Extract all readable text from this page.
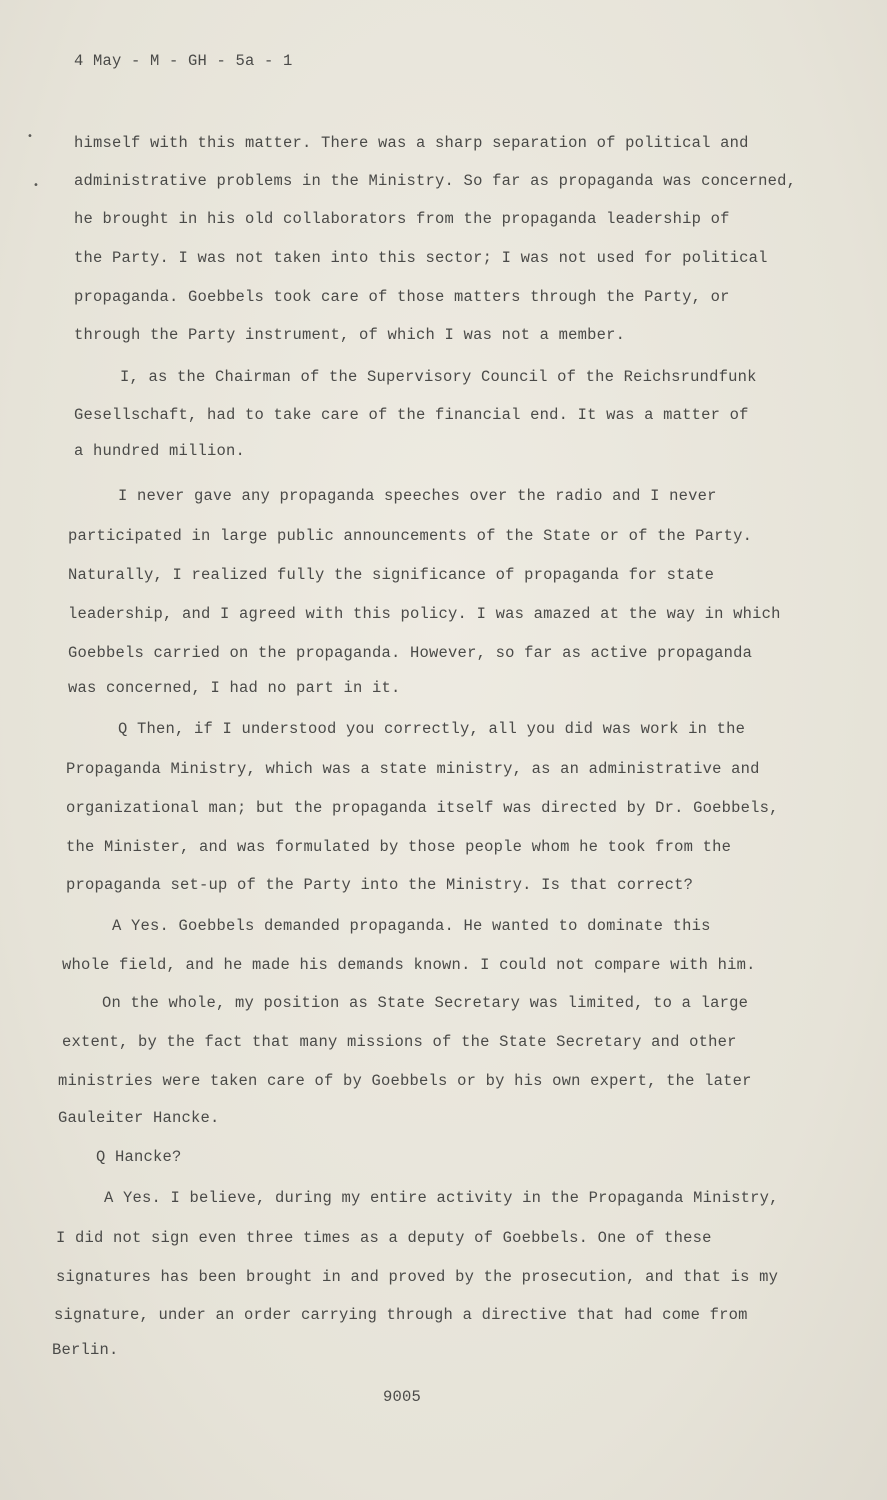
4 May - M - GH - 5a - 1
•
•
himself with this matter. There was a sharp separation of political and
administrative problems in the Ministry. So far as propaganda was concerned,
he brought in his old collaborators from the propaganda leadership of
the Party. I was not taken into this sector; I was not used for political
propaganda. Goebbels took care of those matters through the Party, or
through the Party instrument, of which I was not a member.
I, as the Chairman of the Supervisory Council of the Reichsrundfunk
Gesellschaft, had to take care of the financial end. It was a matter of
a hundred million.
I never gave any propaganda speeches over the radio and I never
participated in large public announcements of the State or of the Party.
Naturally, I realized fully the significance of propaganda for state
leadership, and I agreed with this policy. I was amazed at the way in which
Goebbels carried on the propaganda. However, so far as active propaganda
was concerned, I had no part in it.
Q Then, if I understood you correctly, all you did was work in the
Propaganda Ministry, which was a state ministry, as an administrative and
organizational man; but the propaganda itself was directed by Dr. Goebbels,
the Minister, and was formulated by those people whom he took from the
propaganda set-up of the Party into the Ministry. Is that correct?
A Yes. Goebbels demanded propaganda. He wanted to dominate this
whole field, and he made his demands known. I could not compare with him.
On the whole, my position as State Secretary was limited, to a large
extent, by the fact that many missions of the State Secretary and other
ministries were taken care of by Goebbels or by his own expert, the later
Gauleiter Hancke.
Q Hancke?
A Yes. I believe, during my entire activity in the Propaganda Ministry,
I did not sign even three times as a deputy of Goebbels. One of these
signatures has been brought in and proved by the prosecution, and that is my
signature, under an order carrying through a directive that had come from
Berlin.
9005
